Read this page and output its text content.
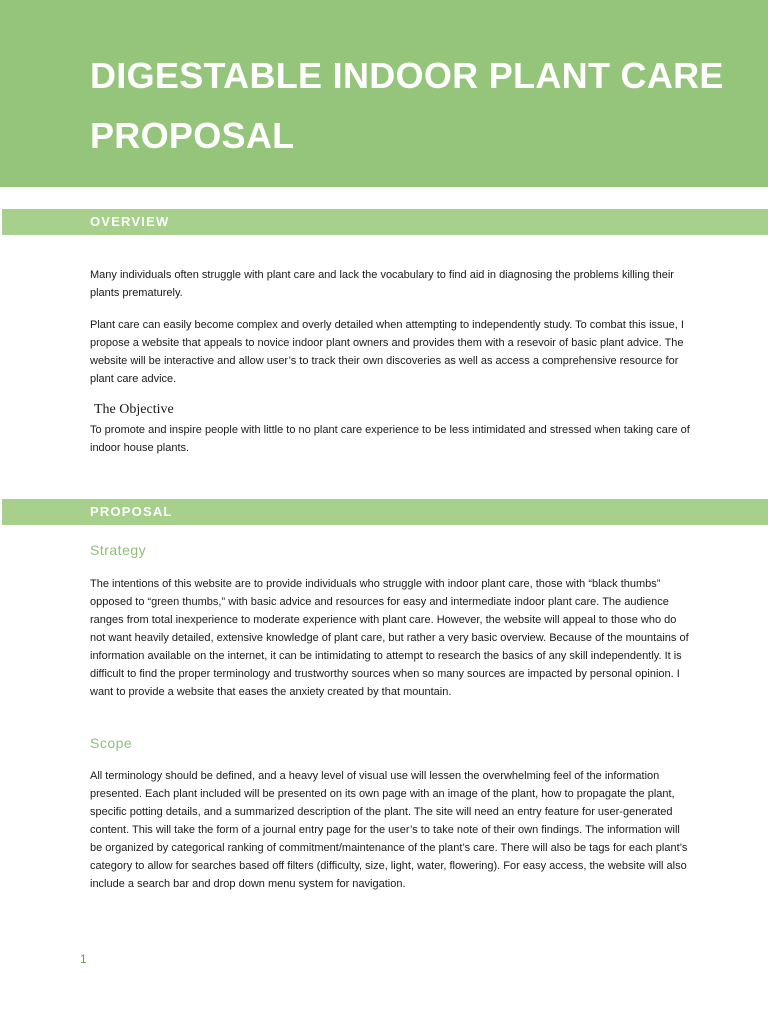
DIGESTABLE INDOOR PLANT CARE PROPOSAL
OVERVIEW

Many individuals often struggle with plant care and lack the vocabulary to find aid in diagnosing the problems killing their plants prematurely.

Plant care can easily become complex and overly detailed when attempting to independently study. To combat this issue, I propose a website that appeals to novice indoor plant owners and provides them with a resevoir of basic plant advice. The website will be interactive and allow user’s to track their own discoveries as well as access a comprehensive resource for plant care advice.

The Objective

To promote and inspire people with little to no plant care experience to be less intimidated and stressed when taking care of indoor house plants.

PROPOSAL
Strategy

The intentions of this website are to provide individuals who struggle with indoor plant care, those with “black thumbs” opposed to “green thumbs,” with basic advice and resources for easy and intermediate indoor plant care. The audience ranges from total inexperience to moderate experience with plant care. However, the website will appeal to those who do not want heavily detailed, extensive knowledge of plant care, but rather a very basic overview. Because of the mountains of information available on the internet, it can be intimidating to attempt to research the basics of any skill independently. It is difficult to find the proper terminology and trustworthy sources when so many sources are impacted by personal opinion. I want to provide a website that eases the anxiety created by that mountain.

Scope

All terminology should be defined, and a heavy level of visual use will lessen the overwhelming feel of the information presented. Each plant included will be presented on its own page with an image of the plant, how to propagate the plant, specific potting details, and a summarized description of the plant. The site will need an entry feature for user-generated content. This will take the form of a journal entry page for the user’s to take note of their own findings. The information will be organized by categorical ranking of commitment/maintenance of the plant’s care. There will also be tags for each plant’s category to allow for searches based off filters (difficulty, size, light, water, flowering). For easy access, the website will also include a search bar and drop down menu system for navigation.

1
